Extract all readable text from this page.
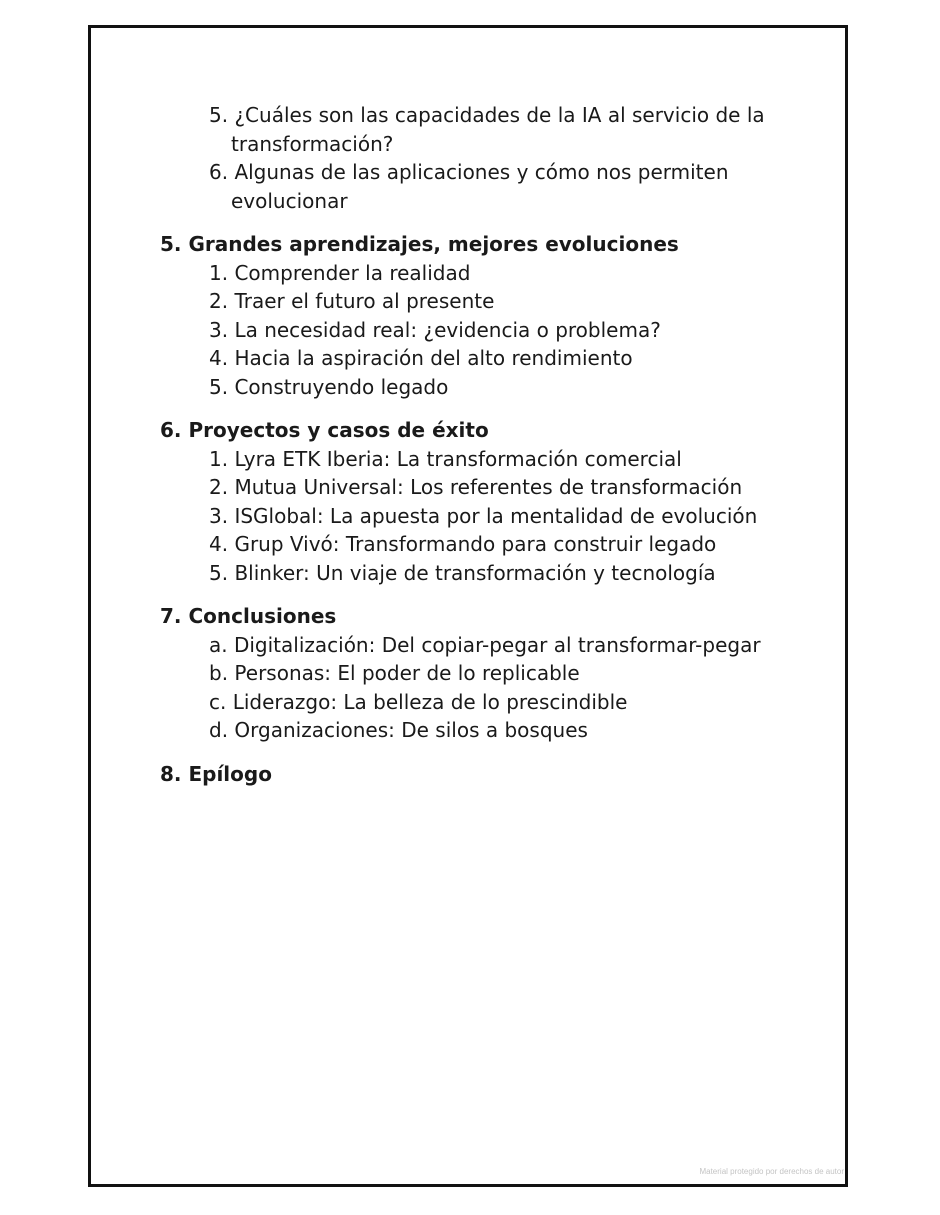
5. ¿Cuáles son las capacidades de la IA al servicio de la transformación?
6. Algunas de las aplicaciones y cómo nos permiten evolucionar
5. Grandes aprendizajes, mejores evoluciones
1. Comprender la realidad
2. Traer el futuro al presente
3. La necesidad real: ¿evidencia o problema?
4. Hacia la aspiración del alto rendimiento
5. Construyendo legado
6. Proyectos y casos de éxito
1. Lyra ETK Iberia: La transformación comercial
2. Mutua Universal: Los referentes de transformación
3. ISGlobal: La apuesta por la mentalidad de evolución
4. Grup Vivó: Transformando para construir legado
5. Blinker: Un viaje de transformación y tecnología
7. Conclusiones
a. Digitalización: Del copiar-pegar al transformar-pegar
b. Personas: El poder de lo replicable
c. Liderazgo: La belleza de lo prescindible
d. Organizaciones: De silos a bosques
8. Epílogo
Material protegido por derechos de autor
